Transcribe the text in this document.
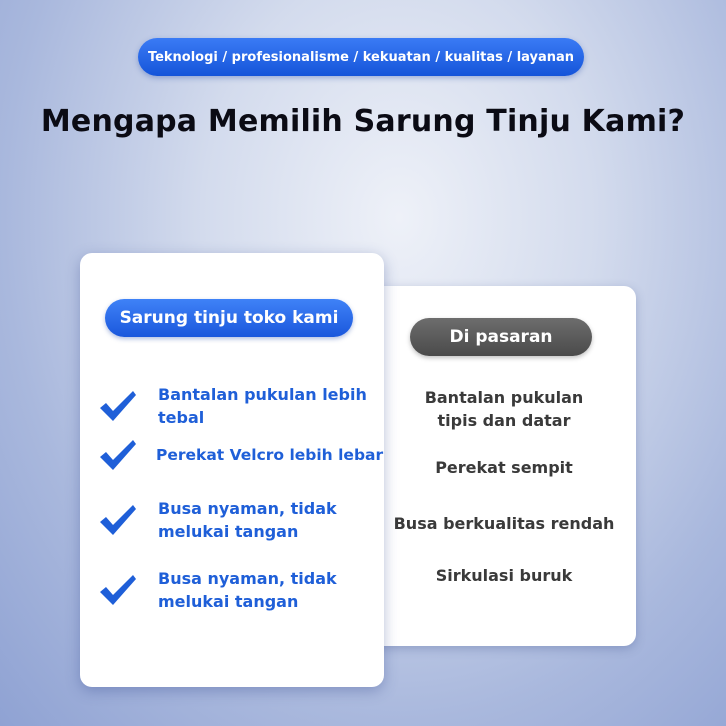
Teknologi / profesionalisme / kekuatan / kualitas / layanan
Mengapa Memilih Sarung Tinju Kami?
Di pasaran
Bantalan pukulan tipis dan datar
Perekat sempit
Busa berkualitas rendah
Sirkulasi buruk
Sarung tinju toko kami
Bantalan pukulan lebih tebal
Perekat Velcro lebih lebar
Busa nyaman, tidak melukai tangan
Busa nyaman, tidak melukai tangan
